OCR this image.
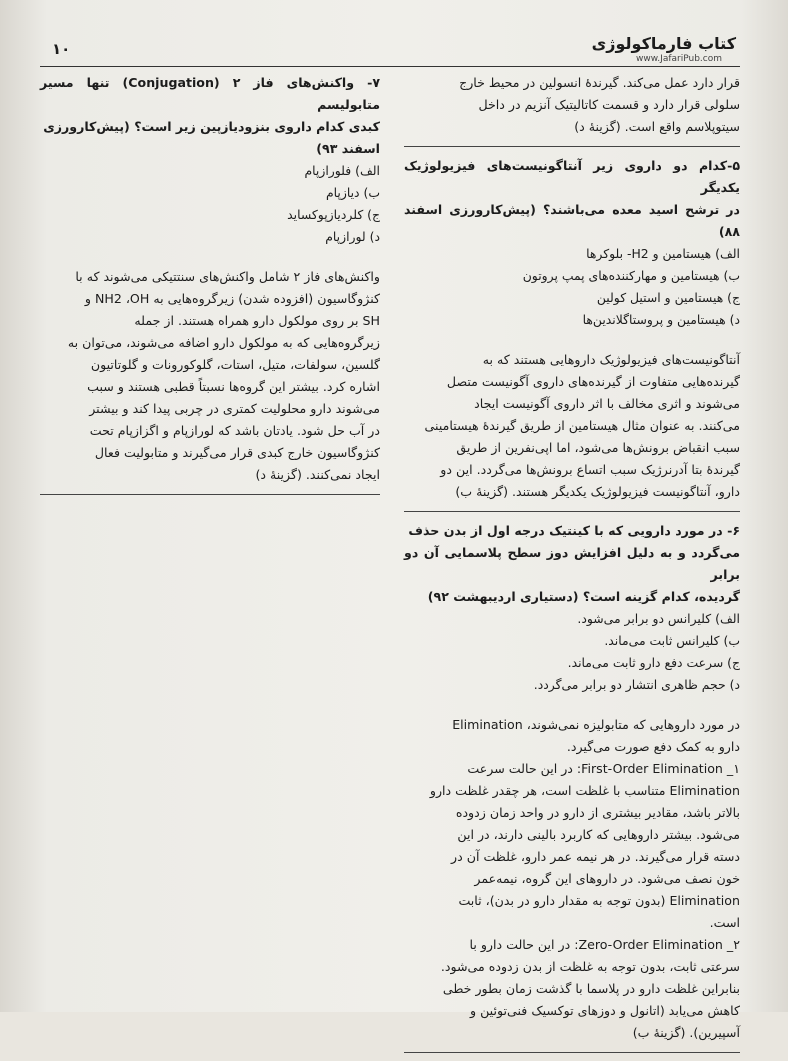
۱۰	کتاب فارماکولوژی
www.JafariPub.com

قرار دارد عمل می‌کند. گیرندهٔ انسولین در محیط خارج

سلولی قرار دارد و قسمت کاتالیتیک آنزیم در داخل

سیتوپلاسم واقع است. (گزینهٔ د)

۵-کدام دو داروی زیر آنتاگونیست‌های فیزیولوژیک یکدیگر

در ترشح اسید معده می‌باشند؟ (پیش‌کارورزی اسفند ۸۸)

الف) هیستامین و H2- بلوکرها

ب) هیستامین و مهارکننده‌های پمپ پروتون

ج) هیستامین و استیل کولین

د) هیستامین و پروستاگلاندین‌ها

آنتاگونیست‌های فیزیولوژیک داروهایی هستند که به

گیرنده‌هایی متفاوت از گیرنده‌های داروی آگونیست متصل

می‌شوند و اثری مخالف با اثر داروی آگونیست ایجاد

می‌کنند. به عنوان مثال هیستامین از طریق گیرندهٔ هیستامینی

سبب انقباض برونش‌ها می‌شود، اما اپی‌نفرین از طریق

گیرندهٔ بتا آدرنرژیک سبب اتساع برونش‌ها می‌گردد. این دو

دارو، آنتاگونیست فیزیولوژیک یکدیگر هستند. (گزینهٔ ب)

۶- در مورد دارویی که با کینتیک درجه اول از بدن حذف

می‌گردد و به دلیل افزایش دوز سطح پلاسمایی آن دو برابر

گردیده، کدام گزینه است؟ (دستیاری اردیبهشت ۹۲)

الف) کلیرانس دو برابر می‌شود.

ب) کلیرانس ثابت می‌ماند.

ج) سرعت دفع دارو ثابت می‌ماند.

د) حجم ظاهری انتشار دو برابر می‌گردد.

در مورد داروهایی که متابولیزه نمی‌شوند، Elimination

دارو به کمک دفع صورت می‌گیرد.

۱_ First-Order Elimination: در این حالت سرعت

Elimination متناسب با غلظت است، هر چقدر غلظت دارو

بالاتر باشد، مقادیر بیشتری از دارو در واحد زمان زدوده

می‌شود. بیشتر داروهایی که کاربرد بالینی دارند، در این

دسته قرار می‌گیرند. در هر نیمه عمر دارو، غلظت آن در

خون نصف می‌شود. در داروهای این گروه، نیمه‌عمر

Elimination (بدون توجه به مقدار دارو در بدن)، ثابت

است.

۲_ Zero-Order Elimination: در این حالت دارو با

سرعتی ثابت، بدون توجه به غلظت از بدن زدوده می‌شود.

بنابراین غلظت دارو در پلاسما با گذشت زمان بطور خطی

کاهش می‌یابد (اتانول و دوزهای توکسیک فنی‌توئین و

آسپیرین). (گزینهٔ ب)

۷- واکنش‌های فاز ۲ (Conjugation) تنها مسیر متابولیسم

کبدی کدام داروی بنزودیازپین زیر است؟ (پیش‌کارورزی

اسفند ۹۳)

الف) فلورازپام

ب) دیازپام

ج) کلردیازپوکساید

د) لورازپام

واکنش‌های فاز ۲ شامل واکنش‌های سنتتیکی می‌شوند که با

کنژوگاسیون (افزوده شدن) زیرگروه‌هایی به NH2 ،OH و

SH بر روی مولکول دارو همراه هستند. از جمله

زیرگروه‌هایی که به مولکول دارو اضافه می‌شوند، می‌توان به

گلسین، سولفات، متیل، استات، گلوکورونات و گلوتاتیون

اشاره کرد. بیشتر این گروه‌ها نسبتاً قطبی هستند و سبب

می‌شوند دارو محلولیت کمتری در چربی پیدا کند و بیشتر

در آب حل شود. یادتان باشد که لورازپام و اگزازپام تحت

کنژوگاسیون خارج کبدی قرار می‌گیرند و متابولیت فعال

ایجاد نمی‌کنند. (گزینهٔ د)
